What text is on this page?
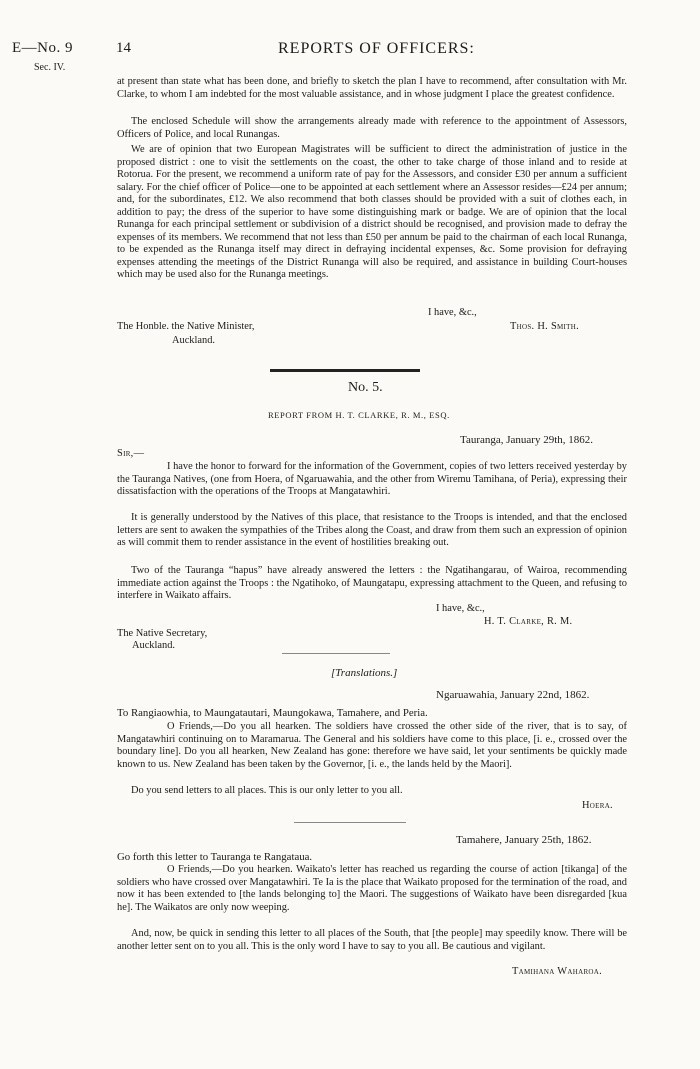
E—No. 9
Sec. IV.
14	REPORTS OF OFFICERS:

at present than state what has been done, and briefly to sketch the plan I have to recommend, after consultation with Mr. Clarke, to whom I am indebted for the most valuable assistance, and in whose judgment I place the greatest confidence.

The enclosed Schedule will show the arrangements already made with reference to the appointment of Assessors, Officers of Police, and local Runangas.

We are of opinion that two European Magistrates will be sufficient to direct the administration of justice in the proposed district : one to visit the settlements on the coast, the other to take charge of those inland and to reside at Rotorua. For the present, we recommend a uniform rate of pay for the Assessors, and consider £30 per annum a sufficient salary. For the chief officer of Police—one to be appointed at each settlement where an Assessor resides—£24 per annum; and, for the subordinates, £12. We also recommend that both classes should be provided with a suit of clothes each, in addition to pay; the dress of the superior to have some distinguishing mark or badge. We are of opinion that the local Runanga for each principal settlement or subdivision of a district should be recognised, and provision made to defray the expenses of its members. We recommend that not less than £50 per annum be paid to the chairman of each local Runanga, to be expended as the Runanga itself may direct in defraying incidental expenses, &c. Some provision for defraying expenses attending the meetings of the District Runanga will also be required, and assistance in building Court-houses which may be used also for the Runanga meetings.

I have, &c.,
The Honble. the Native Minister,	Thos. H. Smith.
Auckland.
No. 5.
REPORT FROM H. T. CLARKE, R. M., ESQ.
Tauranga, January 29th, 1862.
Sir,—

I have the honor to forward for the information of the Government, copies of two letters received yesterday by the Tauranga Natives, (one from Hoera, of Ngaruawahia, and the other from Wiremu Tamihana, of Peria), expressing their dissatisfaction with the operations of the Troops at Mangatawhiri.

It is generally understood by the Natives of this place, that resistance to the Troops is intended, and that the enclosed letters are sent to awaken the sympathies of the Tribes along the Coast, and draw from them such an expression of opinion as will commit them to render assistance in the event of hostilities breaking out.

Two of the Tauranga “hapus” have already answered the letters : the Ngatihangarau, of Wairoa, recommending immediate action against the Troops : the Ngatihoko, of Maungatapu, expressing attachment to the Queen, and refusing to interfere in Waikato affairs.

I have, &c.,
H. T. Clarke, R. M.
The Native Secretary,
Auckland.
[Translations.]
Ngaruawahia, January 22nd, 1862.
To Rangiaowhia, to Maungatautari, Maungokawa, Tamahere, and Peria.

O Friends,—Do you all hearken. The soldiers have crossed the other side of the river, that is to say, of Mangatawhiri continuing on to Maramarua. The General and his soldiers have come to this place, [i. e., crossed over the boundary line]. Do you all hearken, New Zealand has gone: therefore we have said, let your sentiments be quickly made known to us. New Zealand has been taken by the Governor, [i. e., the lands held by the Maori].

Do you send letters to all places. This is our only letter to you all.

Hoera.
Tamahere, January 25th, 1862.
Go forth this letter to Tauranga te Rangataua.

O Friends,—Do you hearken. Waikato's letter has reached us regarding the course of action [tikanga] of the soldiers who have crossed over Mangatawhiri. Te Ia is the place that Waikato proposed for the termination of the road, and now it has been extended to [the lands belonging to] the Maori. The suggestions of Waikato have been disregarded [kua he]. The Waikatos are only now weeping.

And, now, be quick in sending this letter to all places of the South, that [the people] may speedily know. There will be another letter sent on to you all. This is the only word I have to say to you all. Be cautious and vigilant.

Tamihana Waharoa.
